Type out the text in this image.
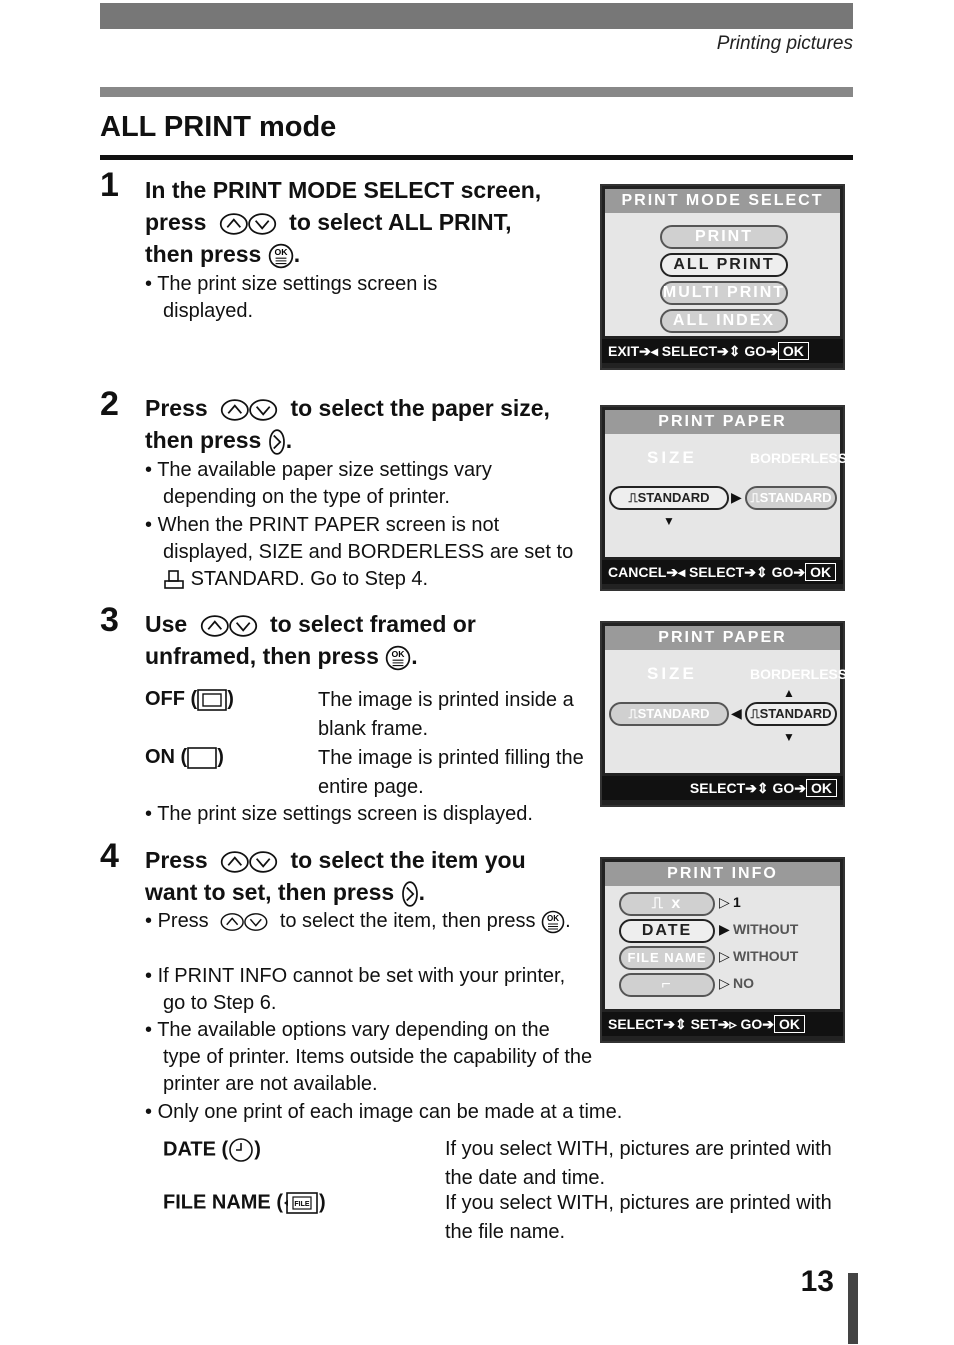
Printing pictures
ALL PRINT mode
1 In the PRINT MODE SELECT screen, press	to select ALL PRINT, then press .
• The print size settings screen is displayed.
PRINT MODE SELECT
PRINT
ALL PRINT
MULTI PRINT
ALL INDEX
EXIT➔◂ SELECT➔⇕ GO➔ OK
2 Press	to select the paper size, then press .
• The available paper size settings vary depending on the type of printer.
• When the PRINT PAPER screen is not displayed, SIZE and BORDERLESS are set to  STANDARD. Go to Step 4.
PRINT PAPER
SIZE	BORDERLESS
⎍STANDARD	▶ ⎍STANDARD
▼
CANCEL➔◂ SELECT➔⇕ GO➔ OK
3 Use	to select framed or unframed, then press .
OFF ( )	The image is printed inside a blank frame.
ON ( )	The image is printed filling the entire page.
• The print size settings screen is displayed.
PRINT PAPER
SIZE	BORDERLESS
▲
⎍STANDARD	◀ ⎍STANDARD
▼
SELECT➔⇕ GO➔ OK
4 Press	to select the item you want to set, then press .
• Press	to select the item, then press .
• If PRINT INFO cannot be set with your printer, go to Step 6.
• The available options vary depending on the type of printer. Items outside the capability of the printer are not available.
• Only one print of each image can be made at a time.
PRINT INFO
⎍ x	▷ 1
DATE	▶ WITHOUT
FILE NAME ▷ WITHOUT
⌐	▷ NO
SELECT➔⇕ SET➔▹ GO➔ OK
DATE ( )	If you select WITH, pictures are printed with the date and time.
FILE NAME ( FILE )	If you select WITH, pictures are printed with the file name.
13
